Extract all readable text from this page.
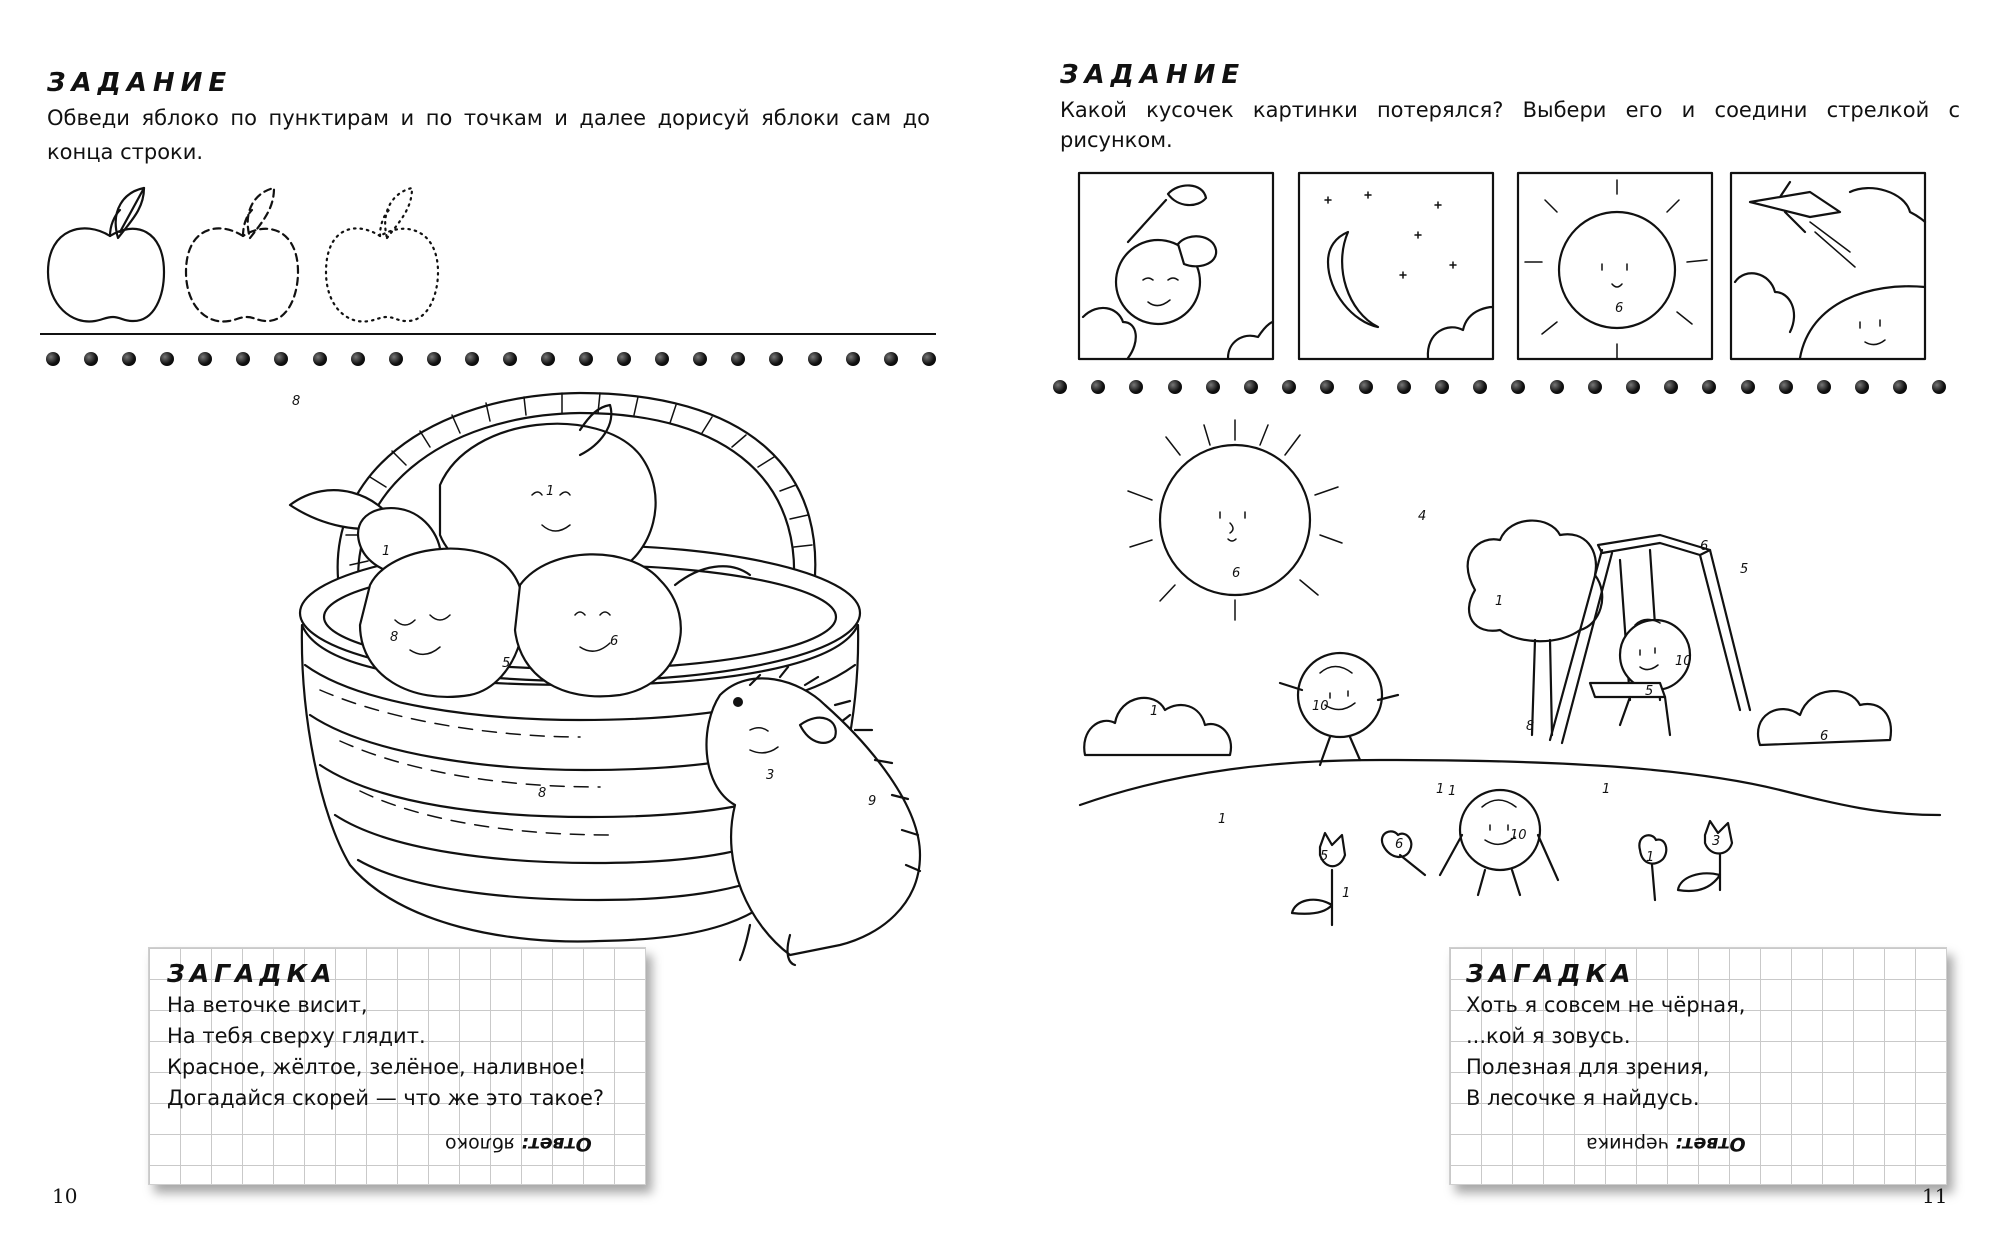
ЗАДАНИЕ
Обведи яблоко по пунктирам и по точкам и далее дорисуй яблоки сам до конца строки.
8
1
1
8
5
6
3
8
9
ЗАГАДКА
На веточке висит,
На тебя сверху глядит.
Красное, жёлтое, зелёное, наливное!
Догадайся скорей — что же это такое?
Ответ: яблоко
10
ЗАДАНИЕ
Какой кусочек картинки потерялся? Выбери его и соедини стрелкой с рисунком.
6
6
4
1
8
6
5
10
5
1
6
1
1	1
10
10
1
5
1
6	3
1
ЗАГАДКА
Хоть я совсем не чёрная,
...кой я зовусь.
Полезная для зрения,
В лесочке я найдусь.
Ответ: черника
11
